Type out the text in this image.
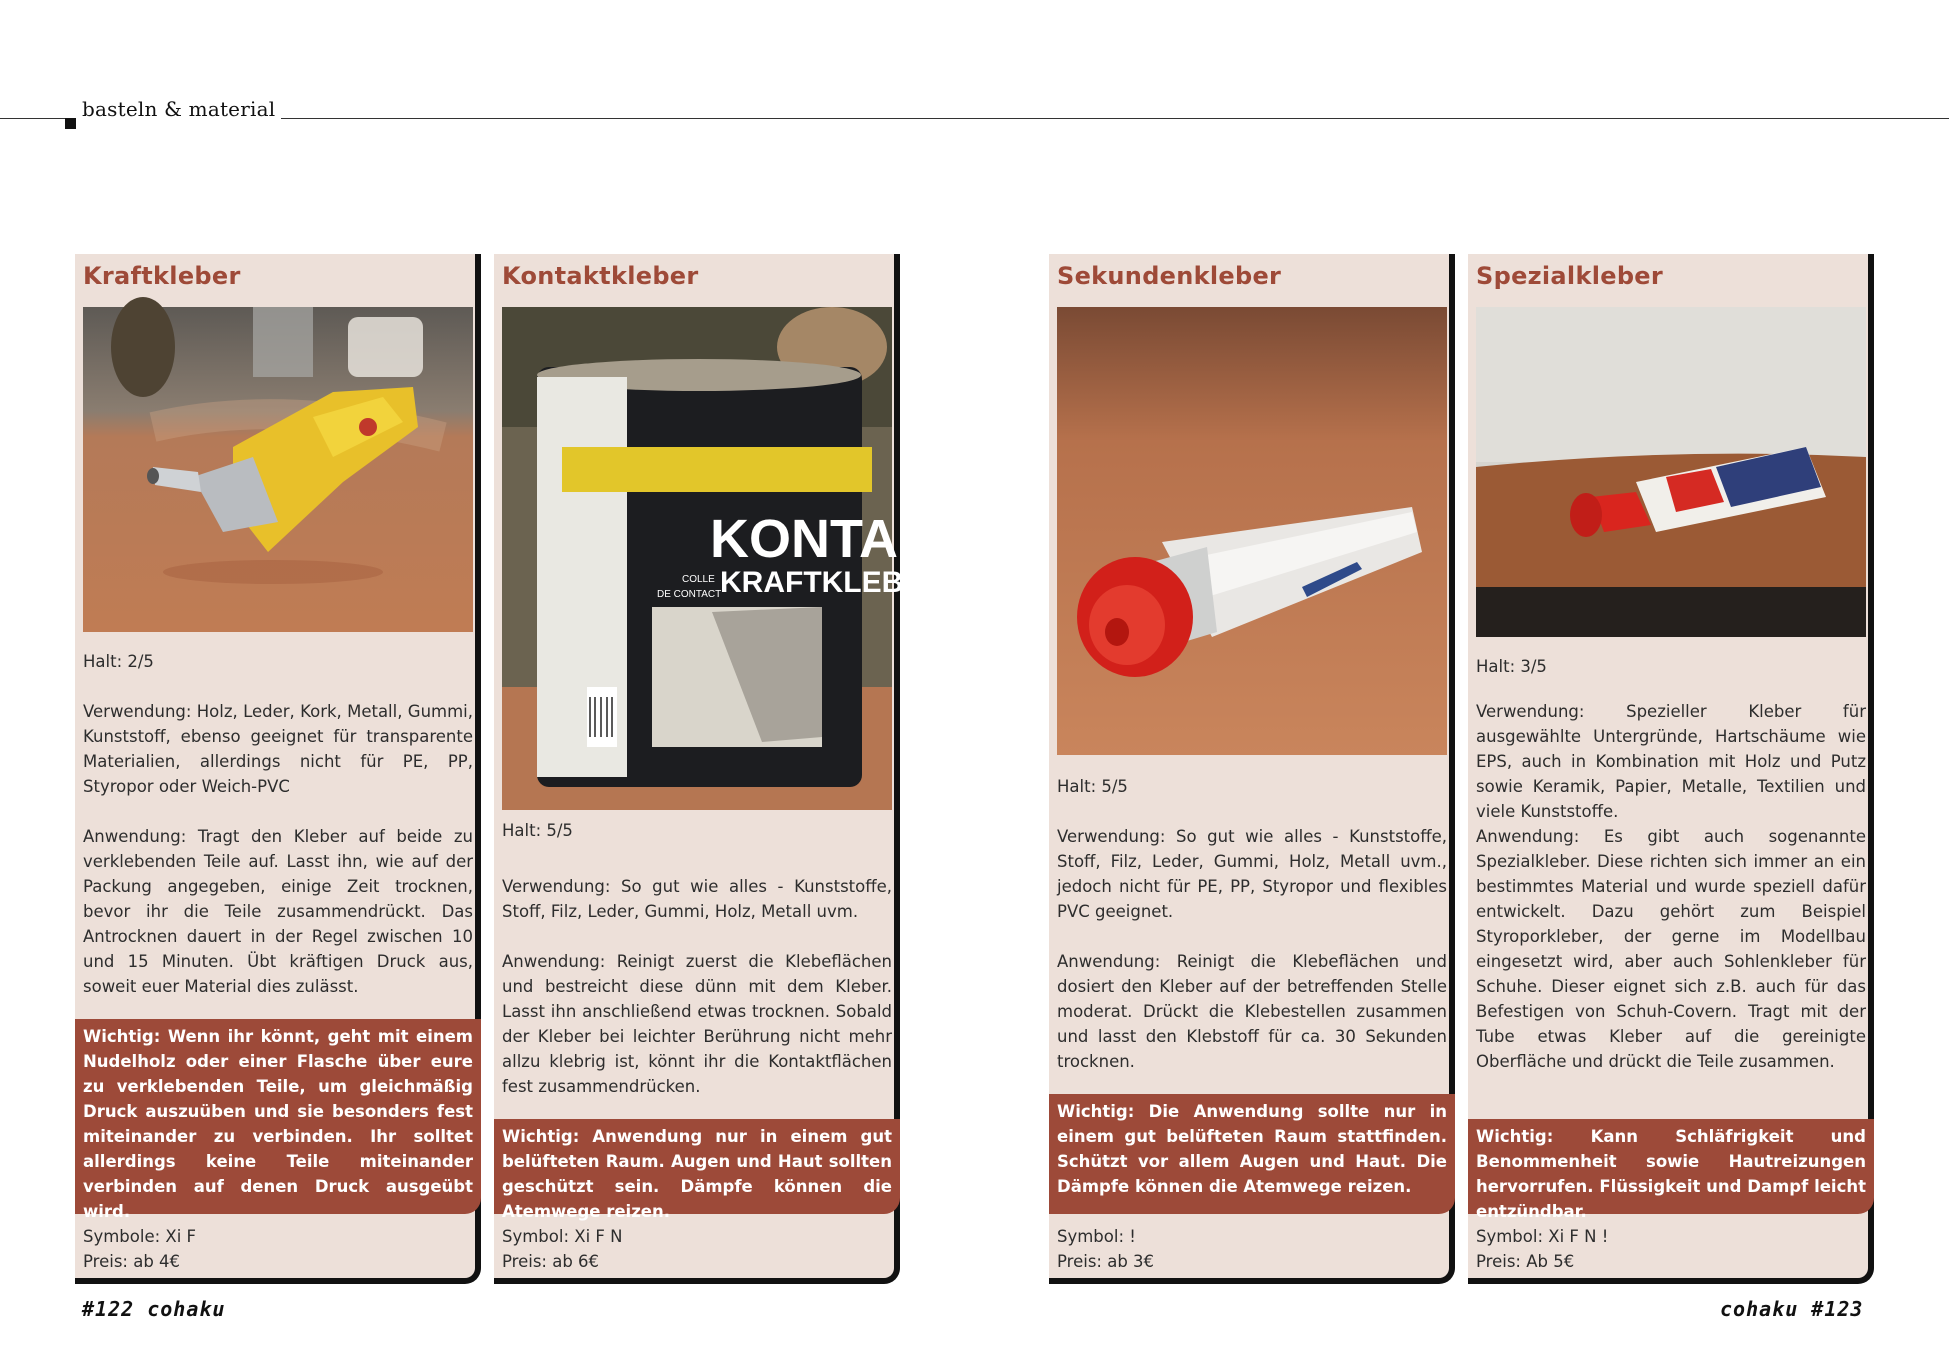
basteln & material
Kraftkleber
Halt: 2/5
Verwendung: Holz, Leder, Kork, Metall, Gummi, Kunststoff, ebenso geeignet für transparente Materialien, allerdings nicht für PE, PP, Styropor oder Weich-PVC
Anwendung: Tragt den Kleber auf beide zu verklebenden Teile auf. Lasst ihn, wie auf der Packung angegeben, einige Zeit trocknen, bevor ihr die Teile zusammendrückt. Das Antrocknen dauert in der Regel zwischen 10 und 15 Minuten. Übt kräftigen Druck aus, soweit euer Material dies zulässt.
Wichtig: Wenn ihr könnt, geht mit einem Nudelholz oder einer Flasche über eure zu verklebenden Teile, um gleichmäßig Druck auszuüben und sie besonders fest miteinander zu verbinden. Ihr solltet allerdings keine Teile miteinander verbinden auf denen Druck ausgeübt wird.
Symbole: Xi F
Preis: ab 4€
Kontaktkleber
KONTAK
KRAFTKLEB
COLLE
DE CONTACT
Halt: 5/5
Verwendung: So gut wie alles - Kunststoffe, Stoff, Filz, Leder, Gummi, Holz, Metall uvm.
Anwendung: Reinigt zuerst die Klebeflächen und bestreicht diese dünn mit dem Kleber. Lasst ihn anschließend etwas trocknen. Sobald der Kleber bei leichter Berührung nicht mehr allzu klebrig ist, könnt ihr die Kontaktflächen fest zusammendrücken.
Wichtig: Anwendung nur in einem gut belüfteten Raum. Augen und Haut sollten geschützt sein. Dämpfe können die Atemwege reizen.
Symbol: Xi F N
Preis: ab 6€
Sekundenkleber
Halt: 5/5
Verwendung: So gut wie alles - Kunststoffe, Stoff, Filz, Leder, Gummi, Holz, Metall uvm., jedoch nicht für PE, PP, Styropor und flexibles PVC geeignet.
Anwendung: Reinigt die Klebeflächen und dosiert den Kleber auf der betreffenden Stelle moderat. Drückt die Klebestellen zusammen und lasst den Klebstoff für ca. 30 Sekunden trocknen.
Wichtig: Die Anwendung sollte nur in einem gut belüfteten Raum stattfinden. Schützt vor allem Augen und Haut. Die Dämpfe können die Atemwege reizen.
Symbol: !
Preis: ab 3€
Spezialkleber
Halt: 3/5
Verwendung: Spezieller Kleber für ausgewählte Untergründe, Hartschäume wie EPS, auch in Kombination mit Holz und Putz sowie Keramik, Papier, Metalle, Textilien und viele Kunststoffe.
Anwendung: Es gibt auch sogenannte Spezialkleber. Diese richten sich immer an ein bestimmtes Material und wurde speziell dafür entwickelt. Dazu gehört zum Beispiel Styroporkleber, der gerne im Modellbau eingesetzt wird, aber auch Sohlenkleber für Schuhe. Dieser eignet sich z.B. auch für das Befestigen von Schuh-Covern. Tragt mit der Tube etwas Kleber auf die gereinigte Oberfläche und drückt die Teile zusammen.
Wichtig: Kann Schläfrigkeit und Benommenheit sowie Hautreizungen hervorrufen. Flüssigkeit und Dampf leicht entzündbar.
Symbol: Xi F N !
Preis: Ab 5€
#122 cohaku	cohaku #123
